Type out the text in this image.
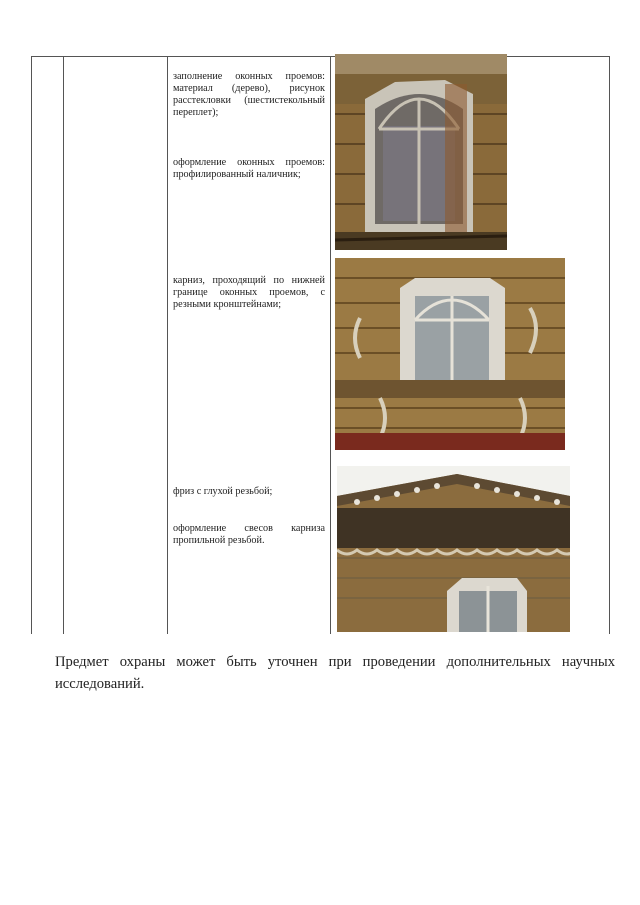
заполнение оконных проемов: материал (дерево), рисунок расстекловки (шестистекольный переплет);
оформление оконных проемов: профилированный наличник;
карниз, проходящий по нижней границе оконных проемов, с резными кронштейнами;
фриз с глухой резьбой;
оформление свесов карниза пропильной резьбой.
Предмет охраны может быть уточнен при проведении дополнительных научных исследований.
